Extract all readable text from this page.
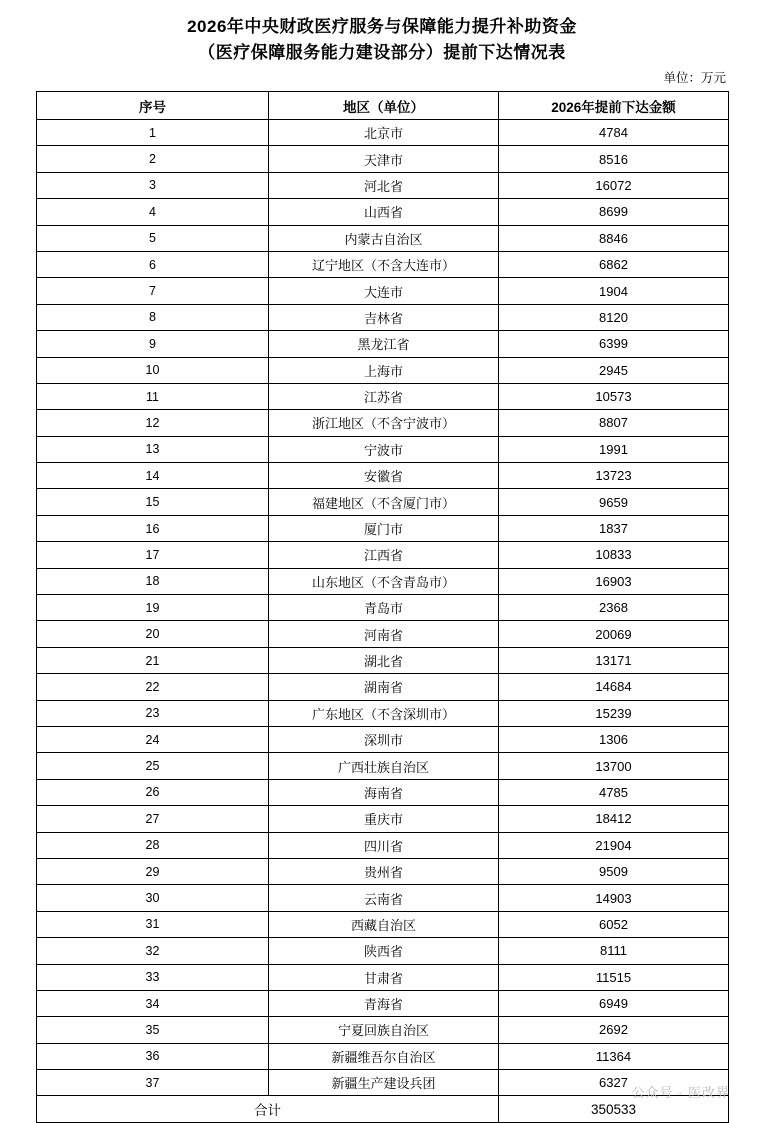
2026年中央财政医疗服务与保障能力提升补助资金
（医疗保障服务能力建设部分）提前下达情况表
单位：万元
序号	地区（单位）	2026年提前下达金额
1	北京市	4784
2	天津市	8516
3	河北省	16072
4	山西省	8699
5	内蒙古自治区	8846
6	辽宁地区（不含大连市）	6862
7	大连市	1904
8	吉林省	8120
9	黑龙江省	6399
10	上海市	2945
11	江苏省	10573
12	浙江地区（不含宁波市）	8807
13	宁波市	1991
14	安徽省	13723
15	福建地区（不含厦门市）	9659
16	厦门市	1837
17	江西省	10833
18	山东地区（不含青岛市）	16903
19	青岛市	2368
20	河南省	20069
21	湖北省	13171
22	湖南省	14684
23	广东地区（不含深圳市）	15239
24	深圳市	1306
25	广西壮族自治区	13700
26	海南省	4785
27	重庆市	18412
28	四川省	21904
29	贵州省	9509
30	云南省	14903
31	西藏自治区	6052
32	陕西省	8111
33	甘肃省	11515
34	青海省	6949
35	宁夏回族自治区	2692
36	新疆维吾尔自治区	11364
37	新疆生产建设兵团	6327
合计		350533
公众号 · 医改界
